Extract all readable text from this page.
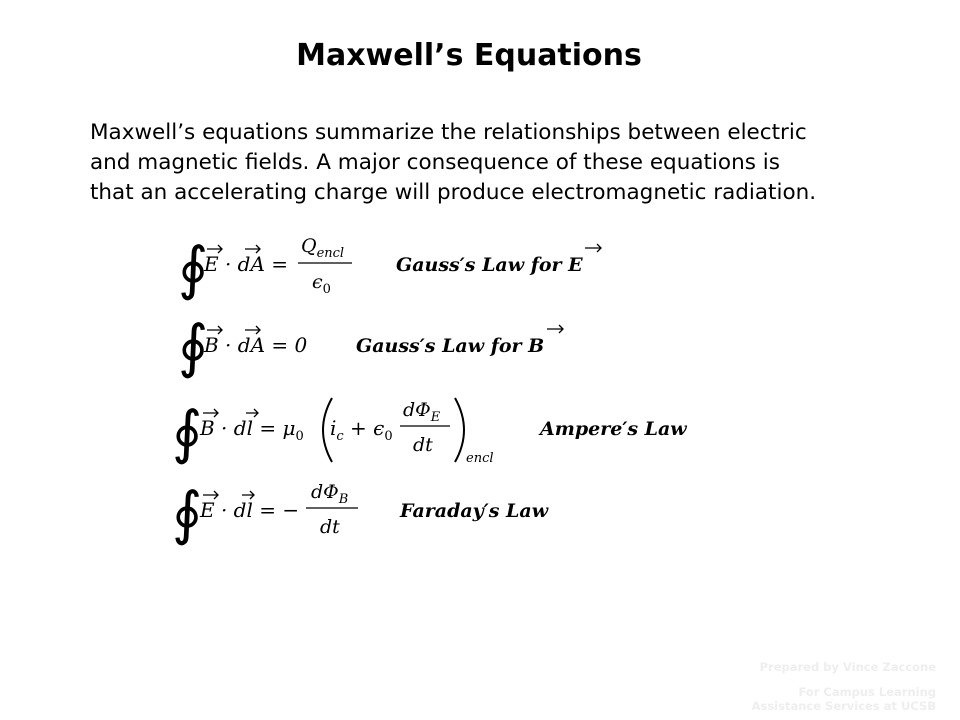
Maxwell’s Equations
Maxwell’s equations summarize the relationships between electric
and magnetic fields. A major consequence of these equations is
that an accelerating charge will produce electromagnetic radiation.
∮
E · dA =
$Q_{encl}$
$\epsilon_0$
Gauss′s Law for E
∮
B · dA = 0	Gauss′s Law for B
∮
B · dl = $\mu_0$ $i_c + \epsilon_0$
$d\Phi_E$
dt
encl
Ampere′s Law
∮
E · dl = −
$d\Phi_B$
dt
Faraday′s Law
Prepared by Vince Zaccone
For Campus Learning
Assistance Services at UCSB
